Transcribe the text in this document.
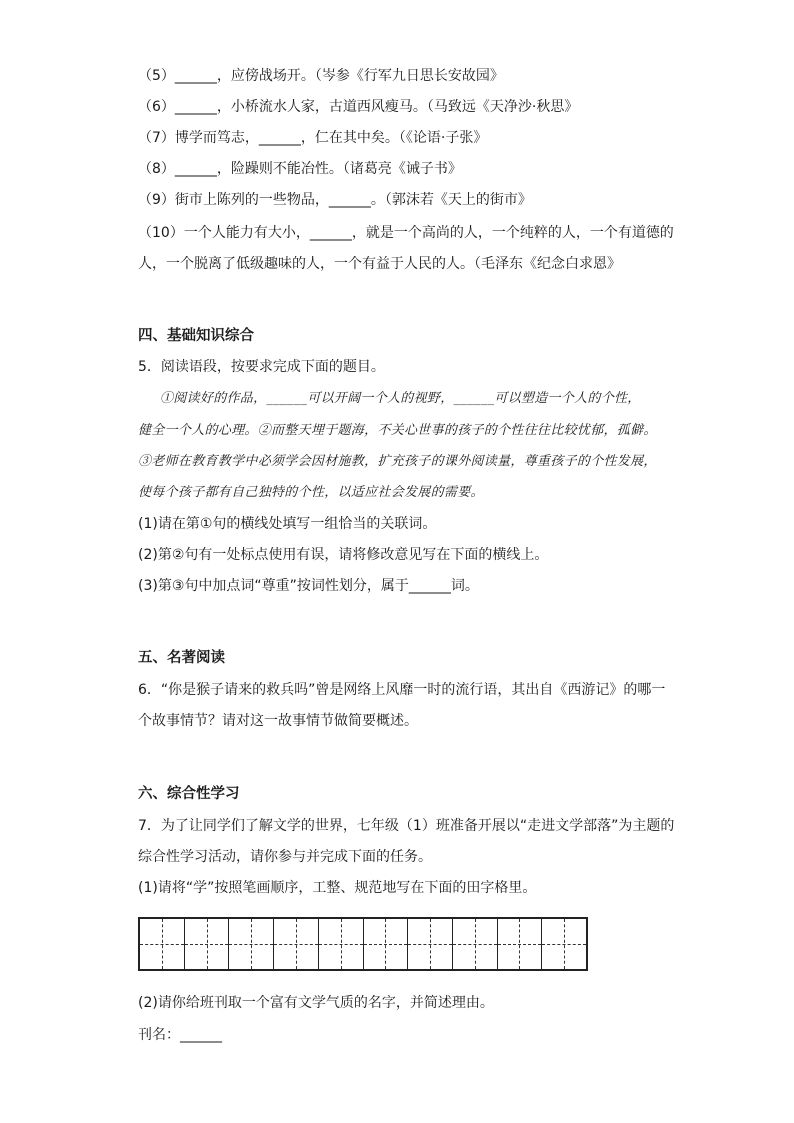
（5）______，应傍战场开。（岑参《行军九日思长安故园》
（6）______，小桥流水人家，古道西风瘦马。（马致远《天净沙·秋思》
（7）博学而笃志，______，仁在其中矣。（《论语·子张》
（8）______，险躁则不能冶性。（诸葛亮《诫子书》
（9）街市上陈列的一些物品，______。（郭沫若《天上的街市》
（10）一个人能力有大小，______，就是一个高尚的人，一个纯粹的人，一个有道德的
人，一个脱离了低级趣味的人，一个有益于人民的人。（毛泽东《纪念白求恩》
四、基础知识综合
5．阅读语段，按要求完成下面的题目。
①阅读好的作品，______可以开阔一个人的视野，______可以塑造一个人的个性，
健全一个人的心理。②而整天埋于题海，不关心世事的孩子的个性往往比较忧郁，孤僻。
③老师在教育教学中必须学会因材施教，扩充孩子的课外阅读量，尊重孩子的个性发展，
使每个孩子都有自己独特的个性，以适应社会发展的需要。
(1)请在第①句的横线处填写一组恰当的关联词。
(2)第②句有一处标点使用有误，请将修改意见写在下面的横线上。
(3)第③句中加点词“尊重”按词性划分，属于______词。
五、名著阅读
6．“你是猴子请来的救兵吗”曾是网络上风靡一时的流行语，其出自《西游记》的哪一
个故事情节？请对这一故事情节做简要概述。
六、综合性学习
7．为了让同学们了解文学的世界，七年级（1）班准备开展以“走进文学部落”为主题的
综合性学习活动，请你参与并完成下面的任务。
(1)请将“学”按照笔画顺序，工整、规范地写在下面的田字格里。
(2)请你给班刊取一个富有文学气质的名字，并简述理由。
刊名：______
